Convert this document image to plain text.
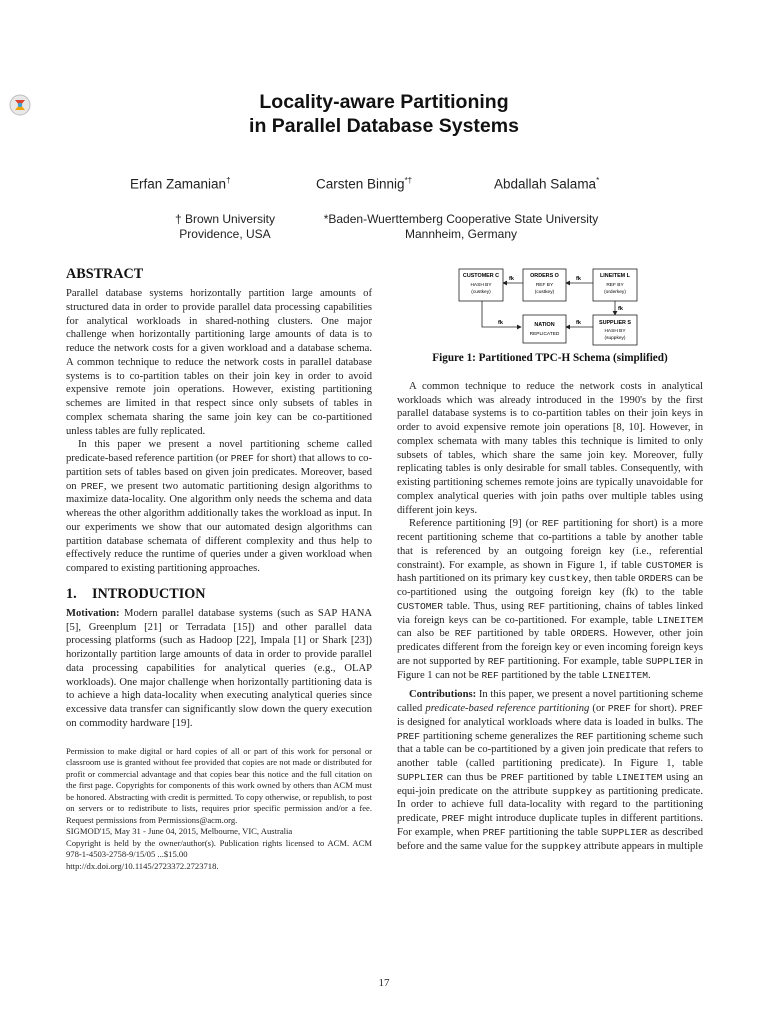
Locality-aware Partitioning
in Parallel Database Systems
Erfan Zamanian†	Carsten Binnig*†	Abdallah Salama*
† Brown University
Providence, USA
*Baden-Wuerttemberg Cooperative State University
Mannheim, Germany
ABSTRACT

Parallel database systems horizontally partition large amounts of structured data in order to provide parallel data processing capabilities for analytical workloads in shared-nothing clusters. One major challenge when horizontally partitioning large amounts of data is to reduce the network costs for a given workload and a database schema. A common technique to reduce the network costs in parallel database systems is to co-partition tables on their join key in order to avoid expensive remote join operations. However, existing partitioning schemes are limited in that respect since only subsets of tables in complex schemata sharing the same join key can be co-partitioned unless tables are fully replicated.

In this paper we present a novel partitioning scheme called predicate-based reference partition (or PREF for short) that allows to co-partition sets of tables based on given join predicates. Moreover, based on PREF, we present two automatic partitioning design algorithms to maximize data-locality. One algorithm only needs the schema and data whereas the other algorithm additionally takes the workload as input. In our experiments we show that our automated design algorithms can partition database schemata of different complexity and thus help to effectively reduce the runtime of queries under a given workload when compared to existing partitioning approaches.

1. INTRODUCTION

Motivation: Modern parallel database systems (such as SAP HANA [5], Greenplum [21] or Terradata [15]) and other parallel data processing platforms (such as Hadoop [22], Impala [1] or Shark [23]) horizontally partition large amounts of data in order to provide parallel data processing capabilities for analytical queries (e.g., OLAP workloads). One major challenge when horizontally partitioning data is to achieve a high data-locality when executing analytical queries since excessive data transfer can significantly slow down the query execution on commodity hardware [19].

Permission to make digital or hard copies of all or part of this work for personal or classroom use is granted without fee provided that copies are not made or distributed for profit or commercial advantage and that copies bear this notice and the full citation on the first page. Copyrights for components of this work owned by others than ACM must be honored. Abstracting with credit is permitted. To copy otherwise, or republish, to post on servers or to redistribute to lists, requires prior specific permission and/or a fee. Request permissions from Permissions@acm.org.

SIGMOD'15, May 31 - June 04, 2015, Melbourne, VIC, Australia

Copyright is held by the owner/author(s). Publication rights licensed to ACM. ACM 978-1-4503-2758-9/15/05 ...$15.00

http://dx.doi.org/10.1145/2723372.2723718.

fk	fk
fk
fk
fk
CUSTOMER C
HASH BY
(custkey)
ORDERS O
REF BY
(custkey)
LINEITEM L
REF BY
(orderkey)
NATION
REPLICATED
SUPPLIER S
HASH BY
(suppkey)
Figure 1: Partitioned TPC-H Schema (simplified)

A common technique to reduce the network costs in analytical workloads which was already introduced in the 1990's by the first parallel database systems is to co-partition tables on their join keys in order to avoid expensive remote join operations [8, 10]. However, in complex schemata with many tables this technique is limited to only subsets of tables, which share the same join key. Moreover, fully replicating tables is only desirable for small tables. Consequently, with existing partitioning schemes remote joins are typically unavoidable for complex analytical queries with join paths over multiple tables using different join keys.

Reference partitioning [9] (or REF partitioning for short) is a more recent partitioning scheme that co-partitions a table by another table that is referenced by an outgoing foreign key (i.e., referential constraint). For example, as shown in Figure 1, if table CUSTOMER is hash partitioned on its primary key custkey, then table ORDERS can be co-partitioned using the outgoing foreign key (fk) to the table CUSTOMER table. Thus, using REF partitioning, chains of tables linked via foreign keys can be co-partitioned. For example, table LINEITEM can also be REF partitioned by table ORDERS. However, other join predicates different from the foreign key or even incoming foreign keys are not supported by REF partitioning. For example, table SUPPLIER in Figure 1 can not be REF partitioned by the table LINEITEM.

Contributions: In this paper, we present a novel partitioning scheme called predicate-based reference partitioning (or PREF for short). PREF is designed for analytical workloads where data is loaded in bulks. The PREF partitioning scheme generalizes the REF partitioning scheme such that a table can be co-partitioned by a given join predicate that refers to another table (called partitioning predicate). In Figure 1, table SUPPLIER can thus be PREF partitioned by table LINEITEM using an equi-join predicate on the attribute suppkey as partitioning predicate. In order to achieve full data-locality with regard to the partitioning predicate, PREF might introduce duplicate tuples in different partitions. For example, when PREF partitioning the table SUPPLIER as described before and the same value for the suppkey attribute appears in multiple

17
